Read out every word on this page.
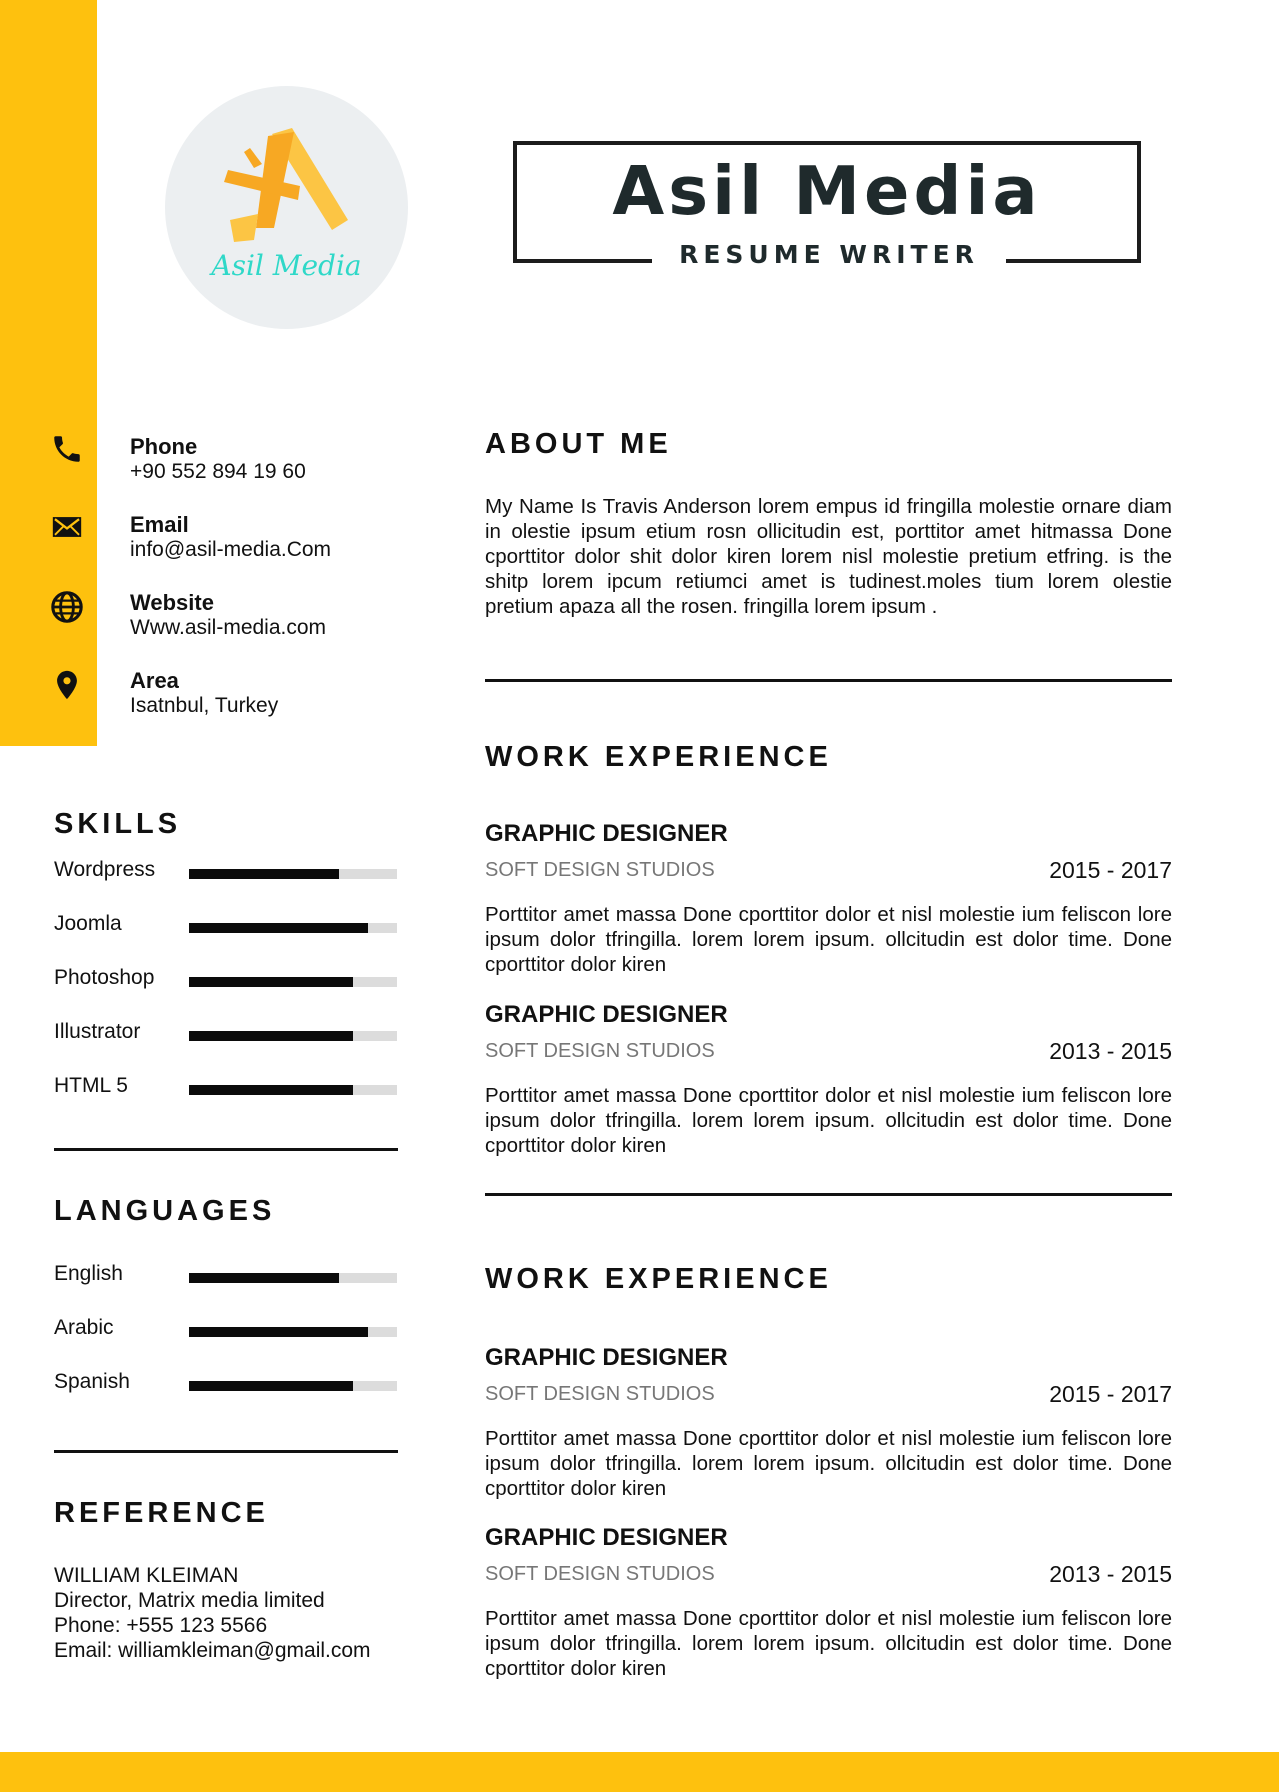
Asil Media
Asil Media
RESUME WRITER
Phone
+90 552 894 19 60
Email
info@asil-media.Com
Website
Www.asil-media.com
Area
Isatnbul, Turkey
SKILLS
Wordpress
Joomla
Photoshop
Illustrator
HTML 5
LANGUAGES
English
Arabic
Spanish
REFERENCE
WILLIAM KLEIMAN
Director, Matrix media limited
Phone: +555 123 5566
Email: williamkleiman@gmail.com
ABOUT ME
My Name Is Travis Anderson lorem empus id fringilla molestie ornare diam in olestie ipsum etium rosn ollicitudin est, porttitor amet hitmassa Done cporttitor dolor shit dolor kiren lorem nisl molestie pretium etfring. is the shitp lorem ipcum retiumci amet is tudinest.moles tium lorem olestie pretium apaza all the rosen. fringilla lorem ipsum .
WORK EXPERIENCE
GRAPHIC DESIGNER
SOFT DESIGN STUDIOS	2015 - 2017
Porttitor amet massa Done cporttitor dolor et nisl molestie ium feliscon lore ipsum dolor tfringilla. lorem lorem ipsum. ollcitudin est dolor time. Done cporttitor dolor kiren
GRAPHIC DESIGNER
SOFT DESIGN STUDIOS	2013 - 2015
Porttitor amet massa Done cporttitor dolor et nisl molestie ium feliscon lore ipsum dolor tfringilla. lorem lorem ipsum. ollcitudin est dolor time. Done cporttitor dolor kiren
WORK EXPERIENCE
GRAPHIC DESIGNER
SOFT DESIGN STUDIOS	2015 - 2017
Porttitor amet massa Done cporttitor dolor et nisl molestie ium feliscon lore ipsum dolor tfringilla. lorem lorem ipsum. ollcitudin est dolor time. Done cporttitor dolor kiren
GRAPHIC DESIGNER
SOFT DESIGN STUDIOS	2013 - 2015
Porttitor amet massa Done cporttitor dolor et nisl molestie ium feliscon lore ipsum dolor tfringilla. lorem lorem ipsum. ollcitudin est dolor time. Done cporttitor dolor kiren
